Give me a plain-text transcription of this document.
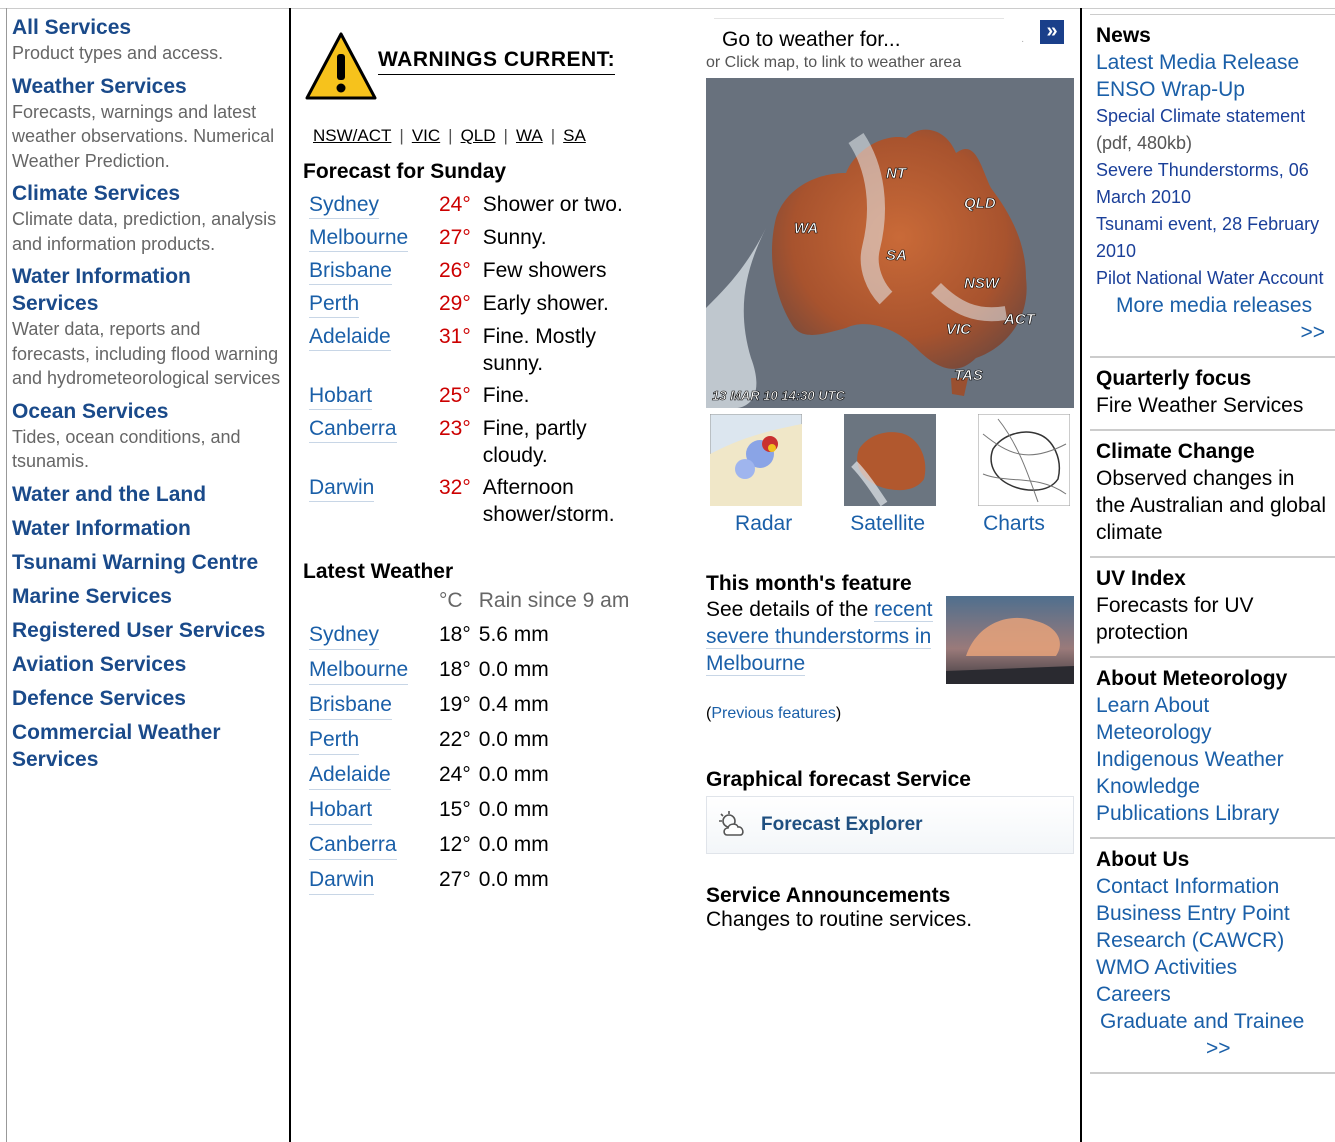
All Services
Product types and access.
Weather Services
Forecasts, warnings and latest weather observations. Numerical Weather Prediction.
Climate Services
Climate data, prediction, analysis and information products.
Water Information Services
Water data, reports and forecasts, including flood warning and hydrometeorological services
Ocean Services
Tides, ocean conditions, and tsunamis.
Water and the Land
Water Information
Tsunami Warning Centre
Marine Services
Registered User Services
Aviation Services
Defence Services
Commercial Weather Services
WARNINGS CURRENT:
NSW/ACT | VIC | QLD | WA | SA
Forecast for Sunday
Sydney	24°	Shower or two.
Melbourne	27°	Sunny.
Brisbane	26°	Few showers
Perth	29°	Early shower.
Adelaide	31°	Fine. Mostly sunny.
Hobart	25°	Fine.
Canberra	23°	Fine, partly cloudy.
Darwin	32°	Afternoon shower/storm.
Latest Weather
	°C	Rain since 9 am
Sydney	18°	5.6 mm
Melbourne	18°	0.0 mm
Brisbane	19°	0.4 mm
Perth	22°	0.0 mm
Adelaide	24°	0.0 mm
Hobart	15°	0.0 mm
Canberra	12°	0.0 mm
Darwin	27°	0.0 mm
Go to weather for...	·	»
or Click map, to link to weather area
NT
QLD
WA
SA
NSW
ACT
VIC
TAS
13 MAR 10 14:30 UTC
Radar	Satellite	Charts
This month's feature
See details of the recent severe thunderstorms in Melbourne
(Previous features)
Graphical forecast Service
Forecast Explorer
Service Announcements
Changes to routine services.
News
Latest Media Release
ENSO Wrap-Up
Special Climate statement (pdf, 480kb)
Severe Thunderstorms, 06 March 2010
Tsunami event, 28 February 2010
Pilot National Water Account
More media releases
>>
Quarterly focus
Fire Weather Services
Climate Change
Observed changes in the Australian and global climate
UV Index
Forecasts for UV protection
About Meteorology
Learn About Meteorology
Indigenous Weather Knowledge
Publications Library
About Us
Contact Information
Business Entry Point
Research (CAWCR)
WMO Activities
Careers
Graduate and Trainee
>>
